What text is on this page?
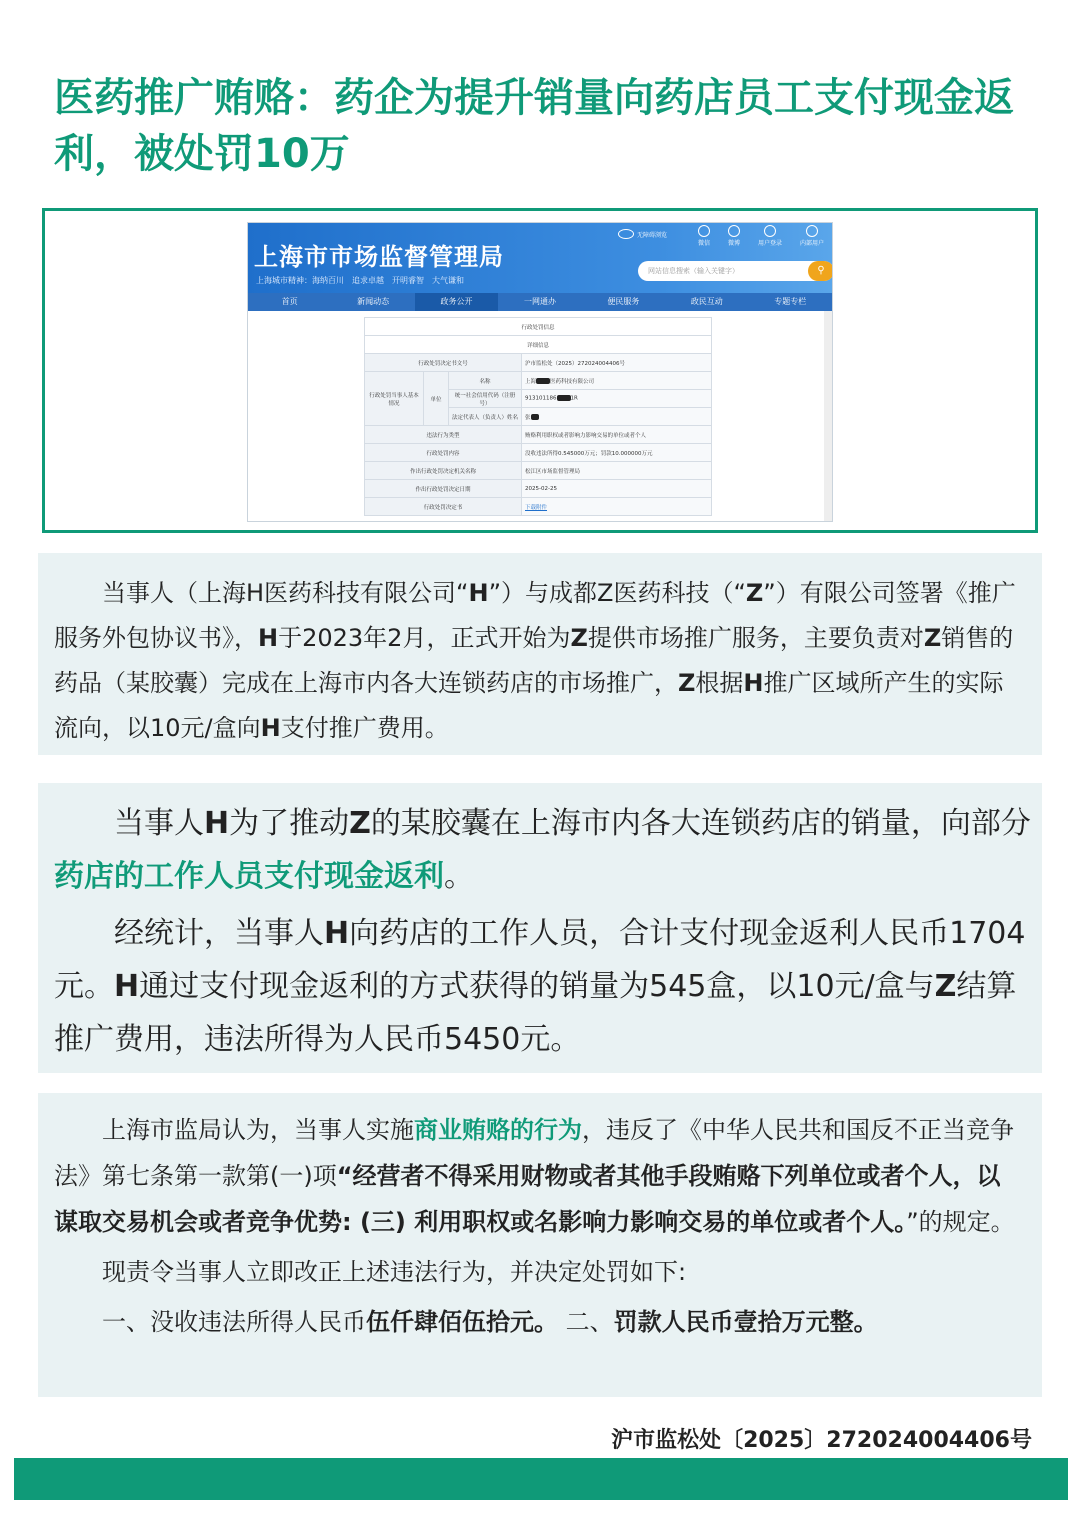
医药推广贿赂：药企为提升销量向药店员工支付现金返利，被处罚10万
上海市市场监督管理局
上海城市精神：海纳百川　追求卓越　开明睿智　大气谦和
无障碍浏览
微信	微博	用户登录	内部用户
网站信息搜索（输入关键字）	⚲
首页	新闻动态	政务公开	一网通办	便民服务	政民互动	专题专栏
行政处罚信息			
详细信息			
行政处罚决定书文号			沪市监松处（2025）272024004406号
行政处罚当事人基本情况	单位	名称	上海 医药科技有限公司
		统一社会信用代码（注册号）	913101186 1R
		法定代表人（负责人）姓名	张
违法行为类型			贿赂利用职权或者影响力影响交易的单位或者个人
行政处罚内容			没收违法所得0.545000万元；罚款10.000000万元
作出行政处罚决定机关名称			松江区市场监督管理局
作出行政处罚决定日期			2025-02-25
行政处罚决定书			下载附件

当事人（上海H医药科技有限公司“H”）与成都Z医药科技（“Z”）有限公司签署《推广服务外包协议书》，H于2023年2月，正式开始为Z提供市场推广服务，主要负责对Z销售的药品（某胶囊）完成在上海市内各大连锁药店的市场推广，Z根据H推广区域所产生的实际流向，以10元/盒向H支付推广费用。

当事人H为了推动Z的某胶囊在上海市内各大连锁药店的销量，向部分药店的工作人员支付现金返利。

经统计，当事人H向药店的工作人员，合计支付现金返利人民币1704元。H通过支付现金返利的方式获得的销量为545盒，以10元/盒与Z结算推广费用，违法所得为人民币5450元。

上海市监局认为，当事人实施商业贿赂的行为，违反了《中华人民共和国反不正当竞争法》第七条第一款第(一)项“经营者不得采用财物或者其他手段贿赂下列单位或者个人，以谋取交易机会或者竞争优势: (三) 利用职权或名影响力影响交易的单位或者个人。”的规定。

现责令当事人立即改正上述违法行为，并决定处罚如下:

一、没收违法所得人民币伍仟肆佰伍拾元。 二、罚款人民币壹拾万元整。

沪市监松处〔2025〕272024004406号
